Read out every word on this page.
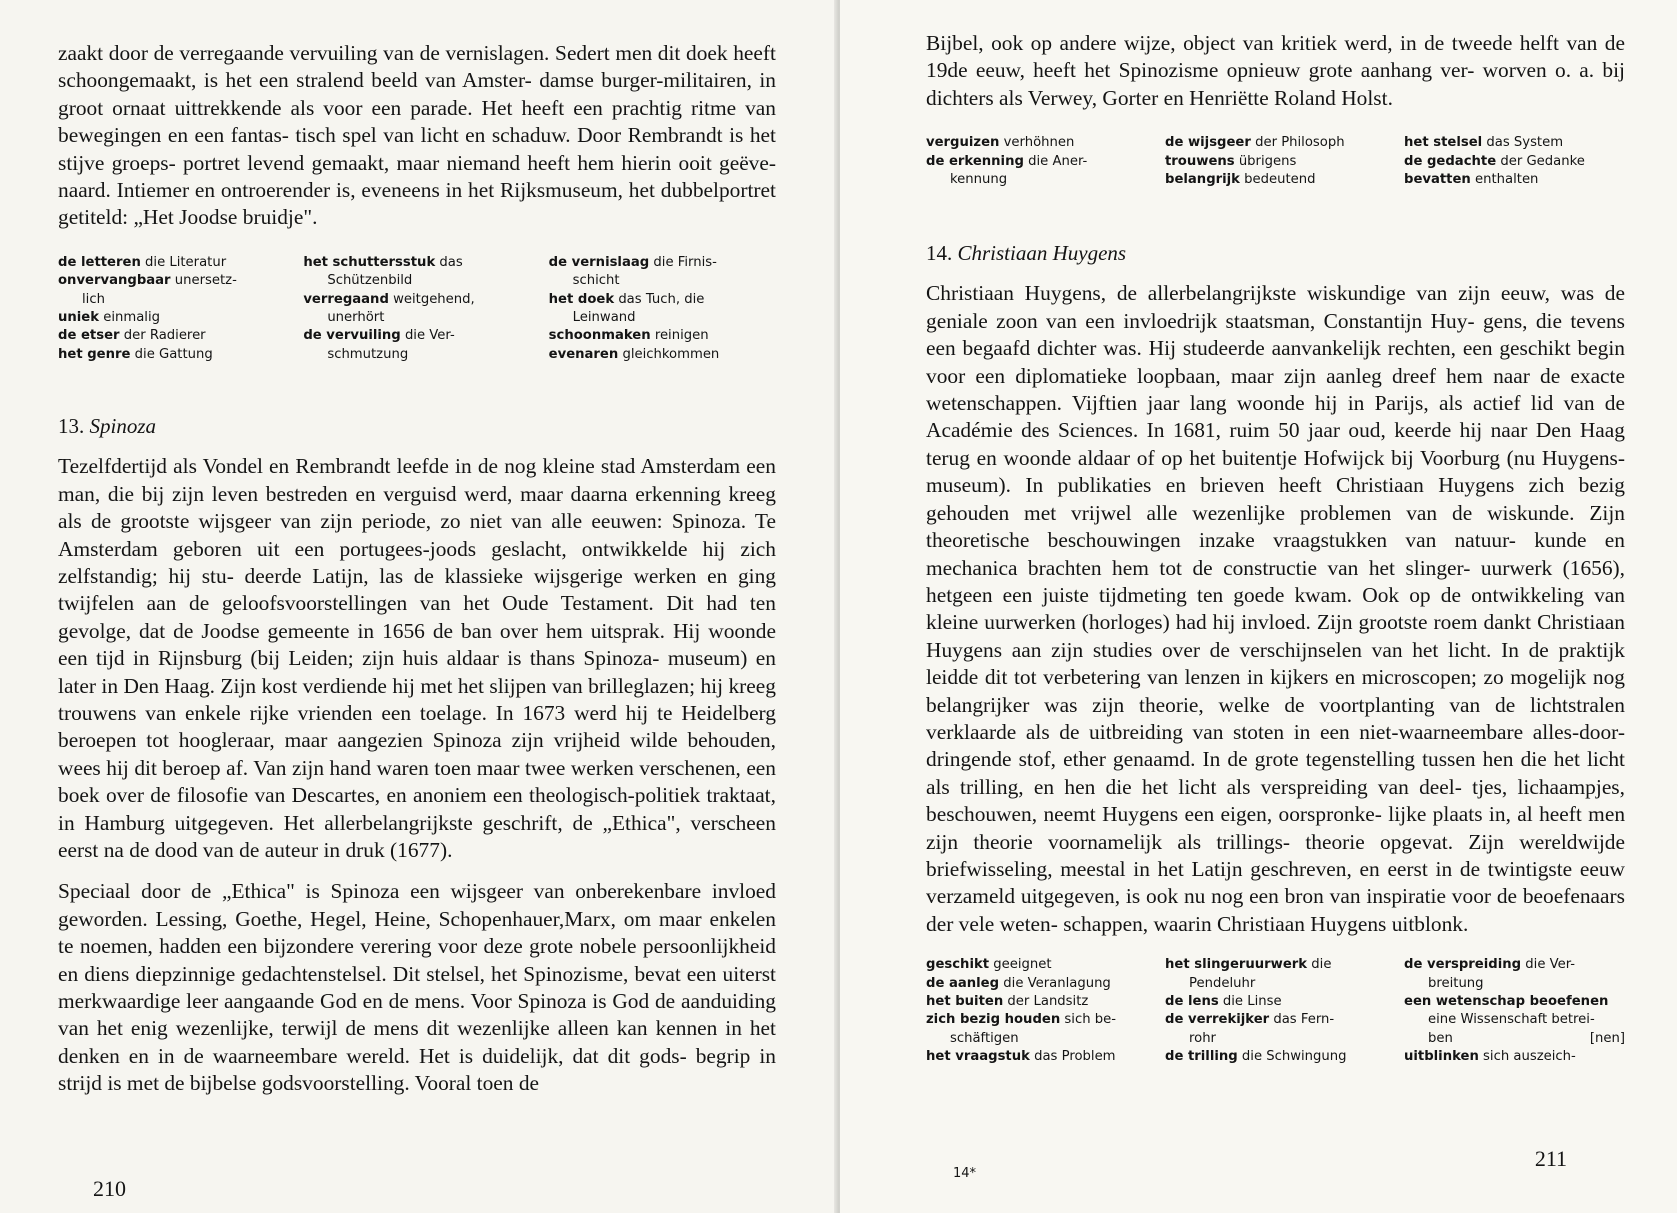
zaakt door de verregaande vervuiling van de vernislagen. Sedert men dit doek heeft schoongemaakt, is het een stralend beeld van Amster- damse burger-militairen, in groot ornaat uittrekkende als voor een parade. Het heeft een prachtig ritme van bewegingen en een fantas- tisch spel van licht en schaduw. Door Rembrandt is het stijve groeps- portret levend gemaakt, maar niemand heeft hem hierin ooit geëve- naard. Intiemer en ontroerender is, eveneens in het Rijksmuseum, het dubbelportret getiteld: „Het Joodse bruidje".
de letteren die Literatur
onvervangbaar unersetz-
lich
uniek einmalig
de etser der Radierer
het genre die Gattung
het schuttersstuk das
Schützenbild
verregaand weitgehend,
unerhört
de vervuiling die Ver-
schmutzung
de vernislaag die Firnis-
schicht
het doek das Tuch, die
Leinwand
schoonmaken reinigen
evenaren gleichkommen
13. Spinoza
Tezelfdertijd als Vondel en Rembrandt leefde in de nog kleine stad Amsterdam een man, die bij zijn leven bestreden en verguisd werd, maar daarna erkenning kreeg als de grootste wijsgeer van zijn periode, zo niet van alle eeuwen: Spinoza. Te Amsterdam geboren uit een portugees-joods geslacht, ontwikkelde hij zich zelfstandig; hij stu- deerde Latijn, las de klassieke wijsgerige werken en ging twijfelen aan de geloofsvoorstellingen van het Oude Testament. Dit had ten gevolge, dat de Joodse gemeente in 1656 de ban over hem uitsprak. Hij woonde een tijd in Rijnsburg (bij Leiden; zijn huis aldaar is thans Spinoza- museum) en later in Den Haag. Zijn kost verdiende hij met het slijpen van brilleglazen; hij kreeg trouwens van enkele rijke vrienden een toelage. In 1673 werd hij te Heidelberg beroepen tot hoogleraar, maar aangezien Spinoza zijn vrijheid wilde behouden, wees hij dit beroep af. Van zijn hand waren toen maar twee werken verschenen, een boek over de filosofie van Descartes, en anoniem een theologisch-politiek traktaat, in Hamburg uitgegeven. Het allerbelangrijkste geschrift, de „Ethica", verscheen eerst na de dood van de auteur in druk (1677).
Speciaal door de „Ethica" is Spinoza een wijsgeer van onberekenbare invloed geworden. Lessing, Goethe, Hegel, Heine, Schopenhauer,Marx, om maar enkelen te noemen, hadden een bijzondere verering voor deze grote nobele persoonlijkheid en diens diepzinnige gedachtenstelsel. Dit stelsel, het Spinozisme, bevat een uiterst merkwaardige leer aangaande God en de mens. Voor Spinoza is God de aanduiding van het enig wezenlijke, terwijl de mens dit wezenlijke alleen kan kennen in het denken en in de waarneembare wereld. Het is duidelijk, dat dit gods- begrip in strijd is met de bijbelse godsvoorstelling. Vooral toen de
210
Bijbel, ook op andere wijze, object van kritiek werd, in de tweede helft van de 19de eeuw, heeft het Spinozisme opnieuw grote aanhang ver- worven o. a. bij dichters als Verwey, Gorter en Henriëtte Roland Holst.
verguizen verhöhnen
de erkenning die Aner-
kennung
de wijsgeer der Philosoph
trouwens übrigens
belangrijk bedeutend
het stelsel das System
de gedachte der Gedanke
bevatten enthalten
14. Christiaan Huygens
Christiaan Huygens, de allerbelangrijkste wiskundige van zijn eeuw, was de geniale zoon van een invloedrijk staatsman, Constantijn Huy- gens, die tevens een begaafd dichter was. Hij studeerde aanvankelijk rechten, een geschikt begin voor een diplomatieke loopbaan, maar zijn aanleg dreef hem naar de exacte wetenschappen. Vijftien jaar lang woonde hij in Parijs, als actief lid van de Académie des Sciences. In 1681, ruim 50 jaar oud, keerde hij naar Den Haag terug en woonde aldaar of op het buitentje Hofwijck bij Voorburg (nu Huygens- museum). In publikaties en brieven heeft Christiaan Huygens zich bezig gehouden met vrijwel alle wezenlijke problemen van de wiskunde. Zijn theoretische beschouwingen inzake vraagstukken van natuur- kunde en mechanica brachten hem tot de constructie van het slinger- uurwerk (1656), hetgeen een juiste tijdmeting ten goede kwam. Ook op de ontwikkeling van kleine uurwerken (horloges) had hij invloed. Zijn grootste roem dankt Christiaan Huygens aan zijn studies over de verschijnselen van het licht. In de praktijk leidde dit tot verbetering van lenzen in kijkers en microscopen; zo mogelijk nog belangrijker was zijn theorie, welke de voortplanting van de lichtstralen verklaarde als de uitbreiding van stoten in een niet-waarneembare alles-door- dringende stof, ether genaamd. In de grote tegenstelling tussen hen die het licht als trilling, en hen die het licht als verspreiding van deel- tjes, lichaampjes, beschouwen, neemt Huygens een eigen, oorspronke- lijke plaats in, al heeft men zijn theorie voornamelijk als trillings- theorie opgevat. Zijn wereldwijde briefwisseling, meestal in het Latijn geschreven, en eerst in de twintigste eeuw verzameld uitgegeven, is ook nu nog een bron van inspiratie voor de beoefenaars der vele weten- schappen, waarin Christiaan Huygens uitblonk.
geschikt geeignet
de aanleg die Veranlagung
het buiten der Landsitz
zich bezig houden sich be-
schäftigen
het vraagstuk das Problem
het slingeruurwerk die
Pendeluhr
de lens die Linse
de verrekijker das Fern-
rohr
de trilling die Schwingung
de verspreiding die Ver-
breitung
een wetenschap beoefenen
eine Wissenschaft betrei-
ben	[nen]
uitblinken sich auszeich-
14*
211
